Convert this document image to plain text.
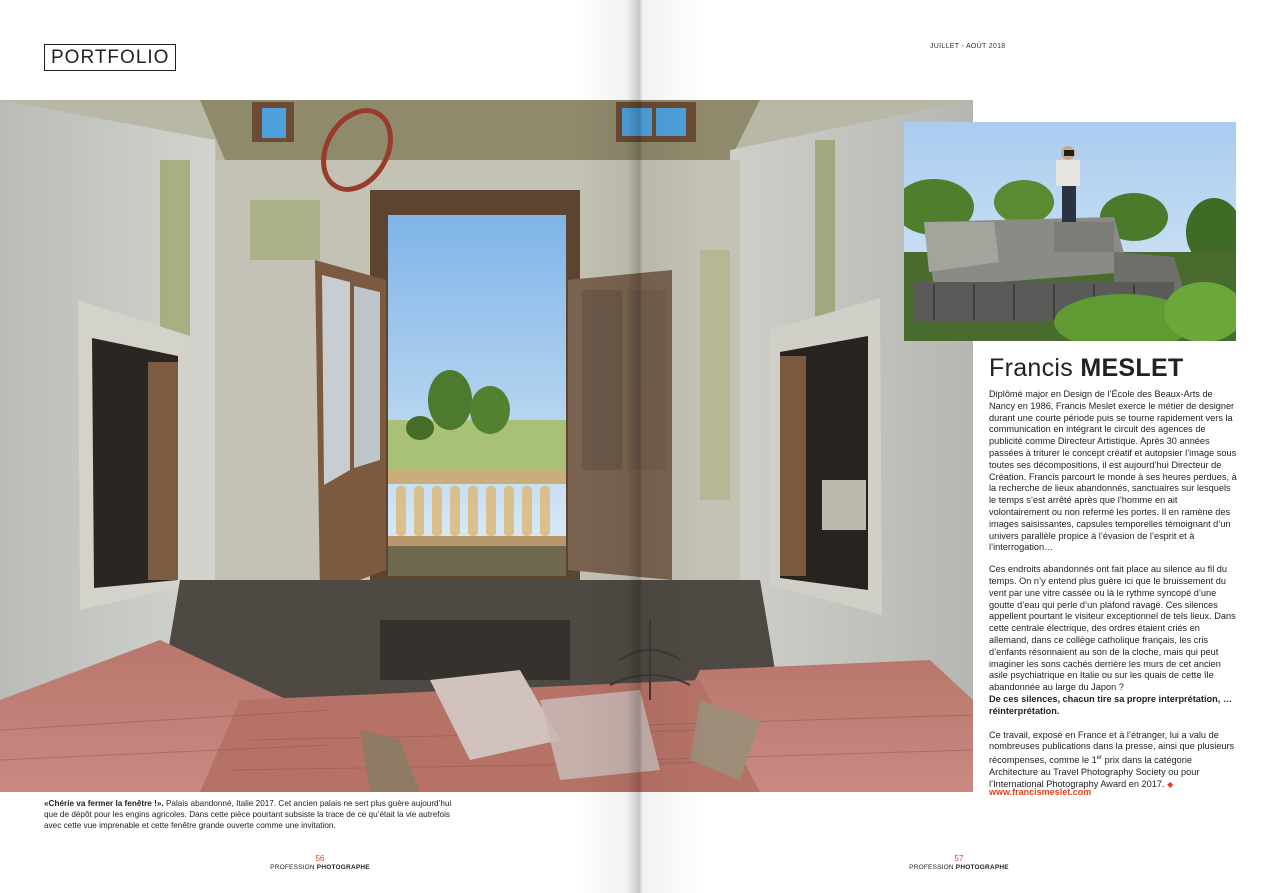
PORTFOLIO
JUILLET - AOÛT 2018
«Chérie va fermer la fenêtre !». Palais abandonné, Italie 2017. Cet ancien palais ne sert plus guère aujourd’hui que de dépôt pour les engins agricoles. Dans cette pièce pourtant subsiste la trace de ce qu’était la vie autrefois avec cette vue imprenable et cette fenêtre grande ouverte comme une invitation.
Francis MESLET

Diplômé major en Design de l’École des Beaux-Arts de Nancy en 1986, Francis Meslet exerce le métier de designer durant une courte période puis se tourne rapidement vers la communication en intégrant le circuit des agences de publicité comme Directeur Artistique. Après 30 années passées à triturer le concept créatif et autopsier l’image sous toutes ses décompositions, il est aujourd’hui Directeur de Création. Francis parcourt le monde à ses heures perdues, à la recherche de lieux abandonnés, sanctuaires sur lesquels le temps s’est arrêté après que l’homme en ait volontairement ou non refermé les portes. Il en ramène des images saisissantes, capsules temporelles témoignant d’un univers parallèle propice à l’évasion de l’esprit et à l’interrogation…

Ces endroits abandonnés ont fait place au silence au fil du temps. On n’y entend plus guère ici que le bruissement du vent par une vitre cassée ou là le rythme syncopé d’une goutte d’eau qui perle d’un plafond ravagé. Ces silences appellent pourtant le visiteur exceptionnel de tels lieux. Dans cette centrale électrique, des ordres étaient criés en allemand, dans ce collège catholique français, les cris d’enfants résonnaient au son de la cloche, mais qui peut imaginer les sons cachés derrière les murs de cet ancien asile psychiatrique en Italie ou sur les quais de cette île abandonnée au large du Japon ?
De ces silences, chacun tire sa propre interprétation, … réinterprétation.

Ce travail, exposé en France et à l’étranger, lui a valu de nombreuses publications dans la presse, ainsi que plusieurs récompenses, comme le 1er prix dans la catégorie Architecture au Travel Photography Society ou pour l’International Photography Award en 2017. ◆

www.francismeslet.com
56
PROFESSION PHOTOGRAPHE
57
PROFESSION PHOTOGRAPHE
